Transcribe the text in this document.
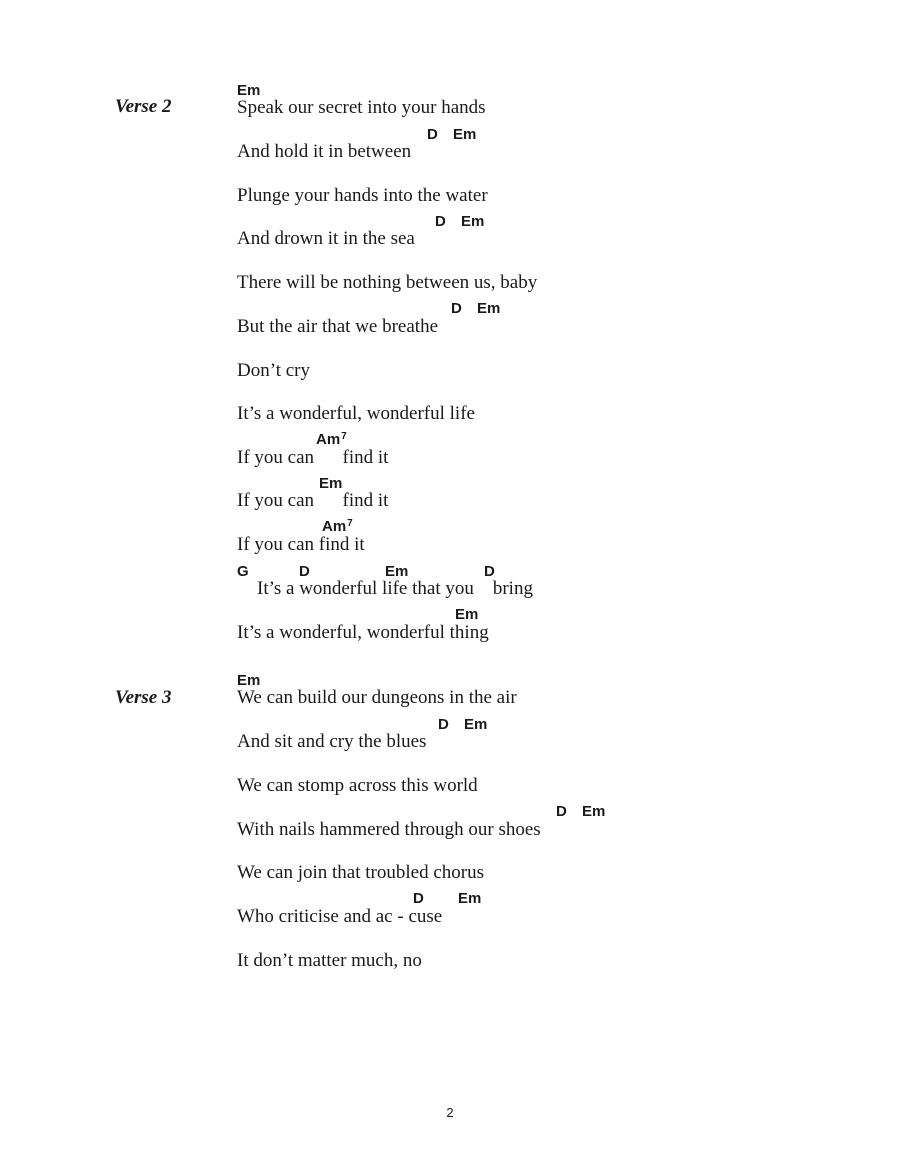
Verse 2
Em
Speak our secret into your hands
D Em
And hold it in between
Plunge your hands into the water
D Em
And drown it in the sea
There will be nothing between us, baby
D Em
But the air that we breathe
Don’t cry
It’s a wonderful, wonderful life
Am$^7$
If you can      find it
Em
If you can      find it
Am$^7$
If you can find it
G	D	Em	D
It’s a wonderful life that you    bring
Em
It’s a wonderful, wonderful thing
Verse 3
Em
We can build our dungeons in the air
D Em
And sit and cry the blues
We can stomp across this world
D Em
With nails hammered through our shoes
We can join that troubled chorus
D Em
Who criticise and ac - cuse
It don’t matter much, no
2
